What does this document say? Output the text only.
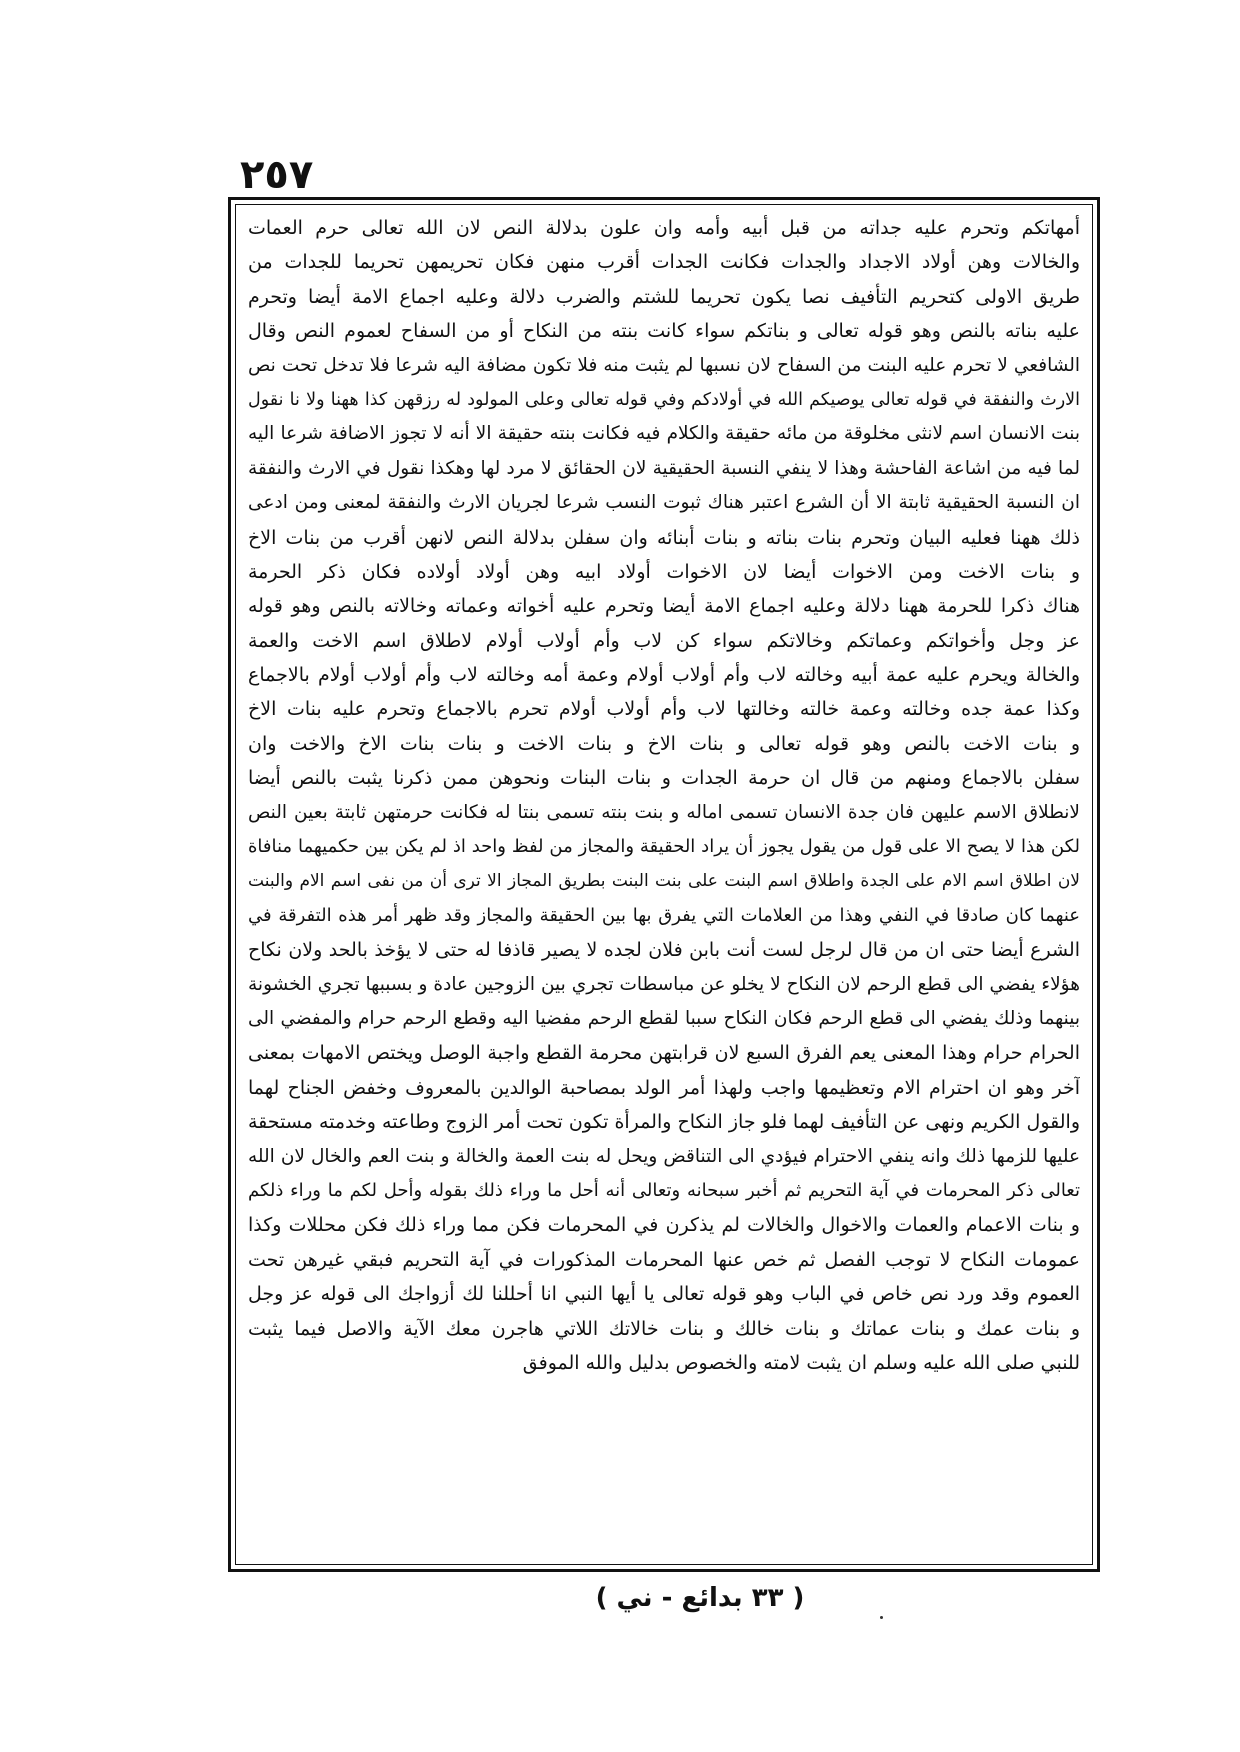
٢٥٧
أمهاتكم وتحرم عليه جداته من قبل أبيه وأمه وان علون بدلالة النص لان الله تعالى حرم العمات
والخالات وهن أولاد الاجداد والجدات فكانت الجدات أقرب منهن فكان تحريمهن تحريما للجدات من
طريق الاولى كتحريم التأفيف نصا يكون تحريما للشتم والضرب دلالة وعليه اجماع الامة أيضا وتحرم
عليه بناته بالنص وهو قوله تعالى و بناتكم سواء كانت بنته من النكاح أو من السفاح لعموم النص وقال
الشافعي لا تحرم عليه البنت من السفاح لان نسبها لم يثبت منه فلا تكون مضافة اليه شرعا فلا تدخل تحت نص
الارث والنفقة في قوله تعالى يوصيكم الله في أولادكم وفي قوله تعالى وعلى المولود له رزقهن كذا ههنا ولا نا نقول
بنت الانسان اسم لانثى مخلوقة من مائه حقيقة والكلام فيه فكانت بنته حقيقة الا أنه لا تجوز الاضافة شرعا اليه
لما فيه من اشاعة الفاحشة وهذا لا ينفي النسبة الحقيقية لان الحقائق لا مرد لها وهكذا نقول في الارث والنفقة
ان النسبة الحقيقية ثابتة الا أن الشرع اعتبر هناك ثبوت النسب شرعا لجريان الارث والنفقة لمعنى ومن ادعى
ذلك ههنا فعليه البيان وتحرم بنات بناته و بنات أبنائه وان سفلن بدلالة النص لانهن أقرب من بنات الاخ
و بنات الاخت ومن الاخوات أيضا لان الاخوات أولاد ابيه وهن أولاد أولاده فكان ذكر الحرمة
هناك ذكرا للحرمة ههنا دلالة وعليه اجماع الامة أيضا وتحرم عليه أخواته وعماته وخالاته بالنص وهو قوله
عز وجل وأخواتكم وعماتكم وخالاتكم سواء كن لاب وأم أولاب أولام لاطلاق اسم الاخت والعمة
والخالة ويحرم عليه عمة أبيه وخالته لاب وأم أولاب أولام وعمة أمه وخالته لاب وأم أولاب أولام بالاجماع
وكذا عمة جده وخالته وعمة خالته وخالتها لاب وأم أولاب أولام تحرم بالاجماع وتحرم عليه بنات الاخ
و بنات الاخت بالنص وهو قوله تعالى و بنات الاخ و بنات الاخت و بنات بنات الاخ والاخت وان
سفلن بالاجماع ومنهم من قال ان حرمة الجدات و بنات البنات ونحوهن ممن ذكرنا يثبت بالنص أيضا
لانطلاق الاسم عليهن فان جدة الانسان تسمى اماله و بنت بنته تسمى بنتا له فكانت حرمتهن ثابتة بعين النص
لكن هذا لا يصح الا على قول من يقول يجوز أن يراد الحقيقة والمجاز من لفظ واحد اذ لم يكن بين حكميهما منافاة
لان اطلاق اسم الام على الجدة واطلاق اسم البنت على بنت البنت بطريق المجاز الا ترى أن من نفى اسم الام والبنت
عنهما كان صادقا في النفي وهذا من العلامات التي يفرق بها بين الحقيقة والمجاز وقد ظهر أمر هذه التفرقة في
الشرع أيضا حتى ان من قال لرجل لست أنت بابن فلان لجده لا يصير قاذفا له حتى لا يؤخذ بالحد ولان نكاح
هؤلاء يفضي الى قطع الرحم لان النكاح لا يخلو عن مباسطات تجري بين الزوجين عادة و بسببها تجري الخشونة
بينهما وذلك يفضي الى قطع الرحم فكان النكاح سببا لقطع الرحم مفضيا اليه وقطع الرحم حرام والمفضي الى
الحرام حرام وهذا المعنى يعم الفرق السبع لان قرابتهن محرمة القطع واجبة الوصل ويختص الامهات بمعنى
آخر وهو ان احترام الام وتعظيمها واجب ولهذا أمر الولد بمصاحبة الوالدين بالمعروف وخفض الجناح لهما
والقول الكريم ونهى عن التأفيف لهما فلو جاز النكاح والمرأة تكون تحت أمر الزوج وطاعته وخدمته مستحقة
عليها للزمها ذلك وانه ينفي الاحترام فيؤدي الى التناقض ويحل له بنت العمة والخالة و بنت العم والخال لان الله
تعالى ذكر المحرمات في آية التحريم ثم أخبر سبحانه وتعالى أنه أحل ما وراء ذلك بقوله وأحل لكم ما وراء ذلكم
و بنات الاعمام والعمات والاخوال والخالات لم يذكرن في المحرمات فكن مما وراء ذلك فكن محللات وكذا
عمومات النكاح لا توجب الفصل ثم خص عنها المحرمات المذكورات في آية التحريم فبقي غيرهن تحت
العموم وقد ورد نص خاص في الباب وهو قوله تعالى يا أيها النبي انا أحللنا لك أزواجك الى قوله عز وجل
و بنات عمك و بنات عماتك و بنات خالك و بنات خالاتك اللاتي هاجرن معك الآية والاصل فيما يثبت
للنبي صلى الله عليه وسلم ان يثبت لامته والخصوص بدليل والله الموفق
( ٣٣ بدائع - ني )
